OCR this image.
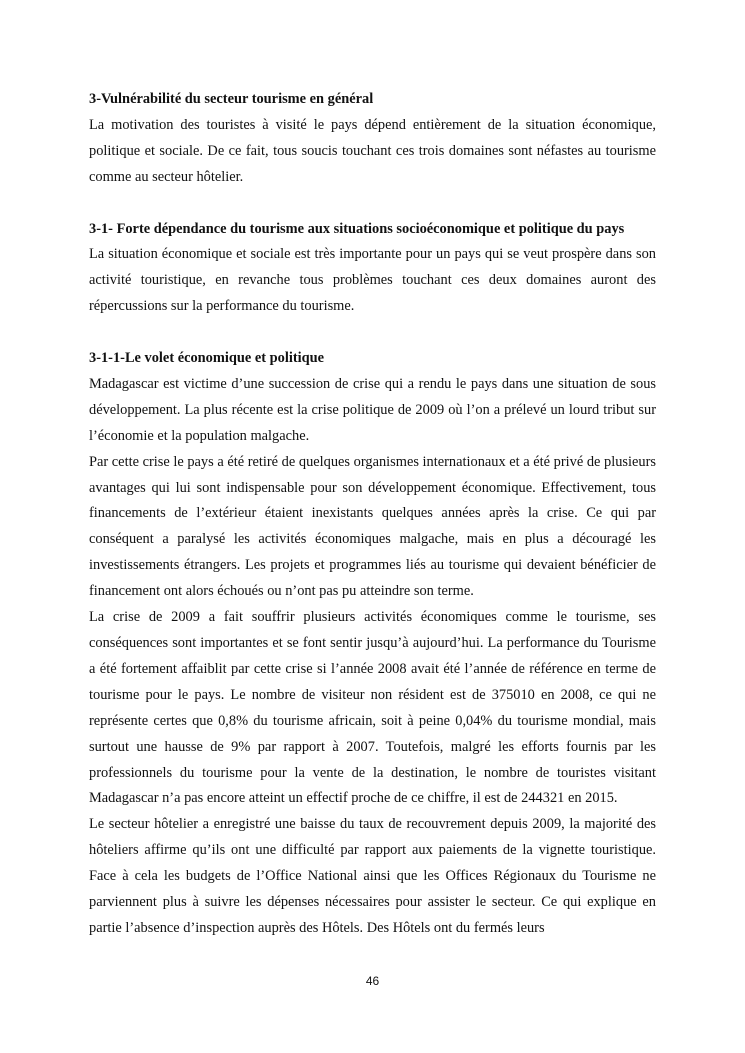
3-Vulnérabilité du secteur tourisme en général

La motivation des touristes à visité le pays dépend entièrement de la situation économique, politique et sociale. De ce fait, tous soucis touchant ces trois domaines sont néfastes au tourisme comme au secteur hôtelier.

3-1- Forte dépendance du tourisme aux situations socioéconomique et politique du pays

La situation économique et sociale est très importante pour un pays qui se veut prospère dans son activité touristique, en revanche tous problèmes touchant ces deux domaines auront des répercussions sur la performance du tourisme.

3-1-1-Le volet économique et politique

Madagascar est victime d’une succession de crise qui a rendu le pays dans une situation de sous développement. La plus récente est la crise politique de 2009 où l’on a prélevé un lourd tribut sur l’économie et la population malgache.

Par cette crise le pays a été retiré de quelques organismes internationaux et a été privé de plusieurs avantages qui lui sont indispensable pour son développement économique. Effectivement, tous financements de l’extérieur étaient inexistants quelques années après la crise. Ce qui par conséquent a paralysé les activités économiques malgache, mais en plus a découragé les investissements étrangers. Les projets et programmes liés au tourisme qui devaient bénéficier de financement ont alors échoués ou n’ont pas pu atteindre son terme.

La crise de 2009 a fait souffrir plusieurs activités économiques comme le tourisme, ses conséquences sont importantes et se font sentir jusqu’à aujourd’hui. La performance du Tourisme a été fortement affaiblit par cette crise si l’année 2008 avait été l’année de référence en terme de tourisme pour le pays. Le nombre de visiteur non résident est de 375010 en 2008, ce qui ne représente certes que 0,8% du tourisme africain, soit à peine 0,04% du tourisme mondial, mais surtout une hausse de 9% par rapport à 2007. Toutefois, malgré les efforts fournis par les professionnels du tourisme pour la vente de la destination, le nombre de touristes visitant Madagascar n’a pas encore atteint un effectif proche de ce chiffre, il est de 244321 en 2015.

Le secteur hôtelier a enregistré une baisse du taux de recouvrement depuis 2009, la majorité des hôteliers affirme qu’ils ont une difficulté par rapport aux paiements de la vignette touristique. Face à cela les budgets de l’Office National ainsi que les Offices Régionaux du Tourisme ne parviennent plus à suivre les dépenses nécessaires pour assister le secteur. Ce qui explique en partie l’absence d’inspection auprès des Hôtels. Des Hôtels ont du fermés leurs

46
